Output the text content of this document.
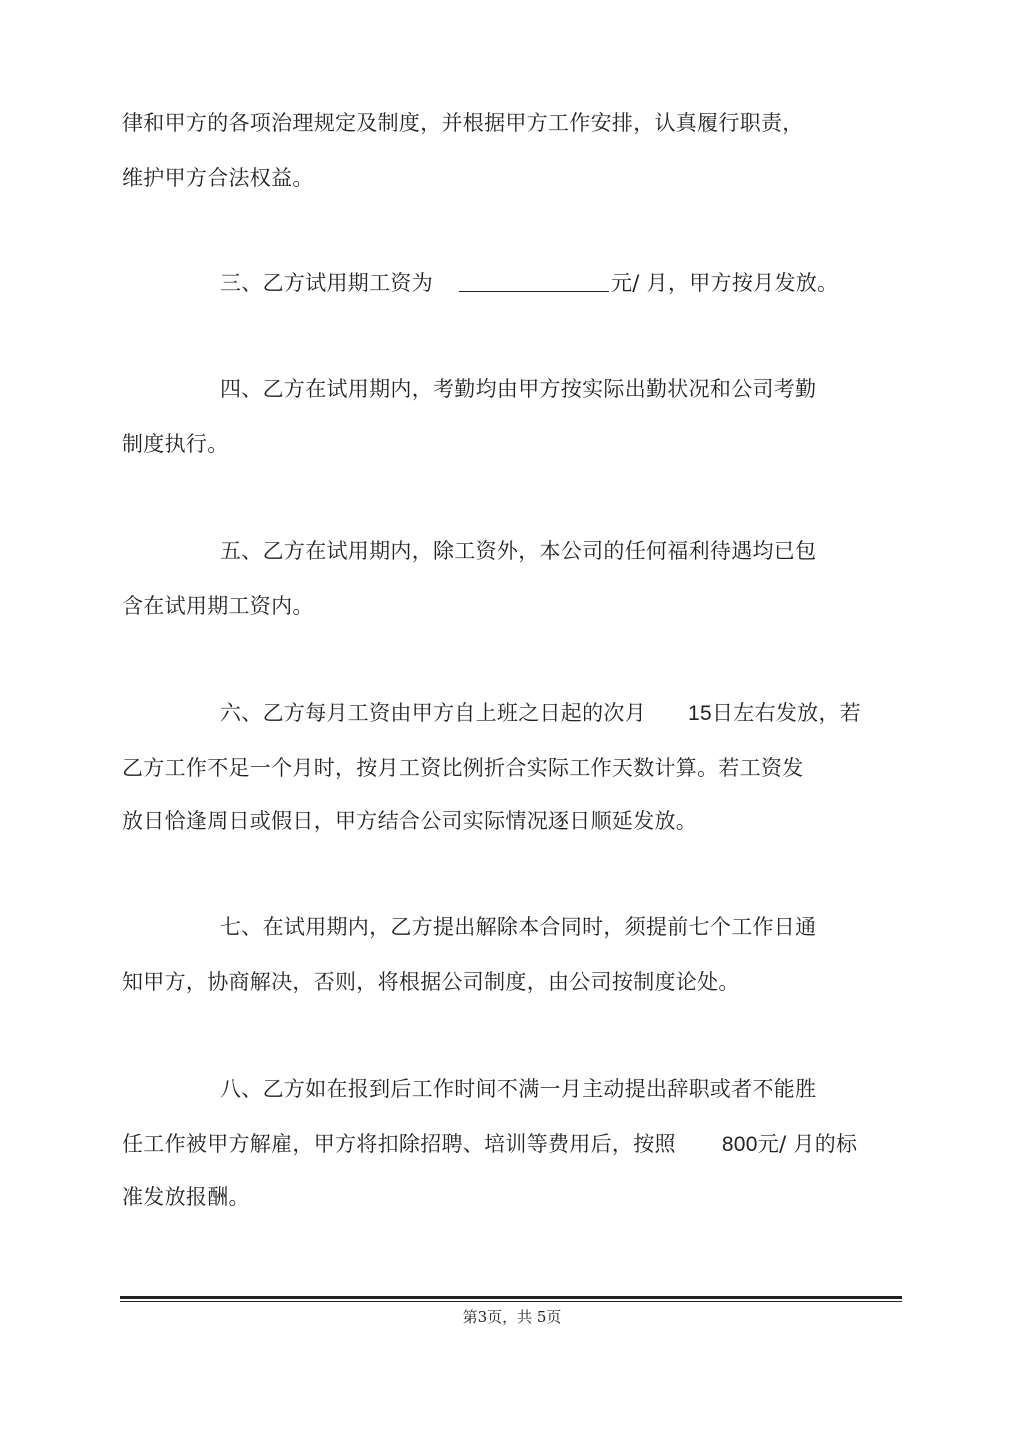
律和甲方的各项治理规定及制度，并根据甲方工作安排，认真履行职责，

维护甲方合法权益。

三、乙方试用期工资为	元/ 月，甲方按月发放。

四、乙方在试用期内，考勤均由甲方按实际出勤状况和公司考勤

制度执行。

五、乙方在试用期内，除工资外，本公司的任何福利待遇均已包

含在试用期工资内。

六、乙方每月工资由甲方自上班之日起的次月 15日左右发放，若

乙方工作不足一个月时，按月工资比例折合实际工作天数计算。若工资发

放日恰逢周日或假日，甲方结合公司实际情况逐日顺延发放。

七、在试用期内，乙方提出解除本合同时，须提前七个工作日通

知甲方，协商解决，否则，将根据公司制度，由公司按制度论处。

八、乙方如在报到后工作时间不满一月主动提出辞职或者不能胜

任工作被甲方解雇，甲方将扣除招聘、培训等费用后，按照 800元/ 月的标

准发放报酬。

第3页，共 5页
